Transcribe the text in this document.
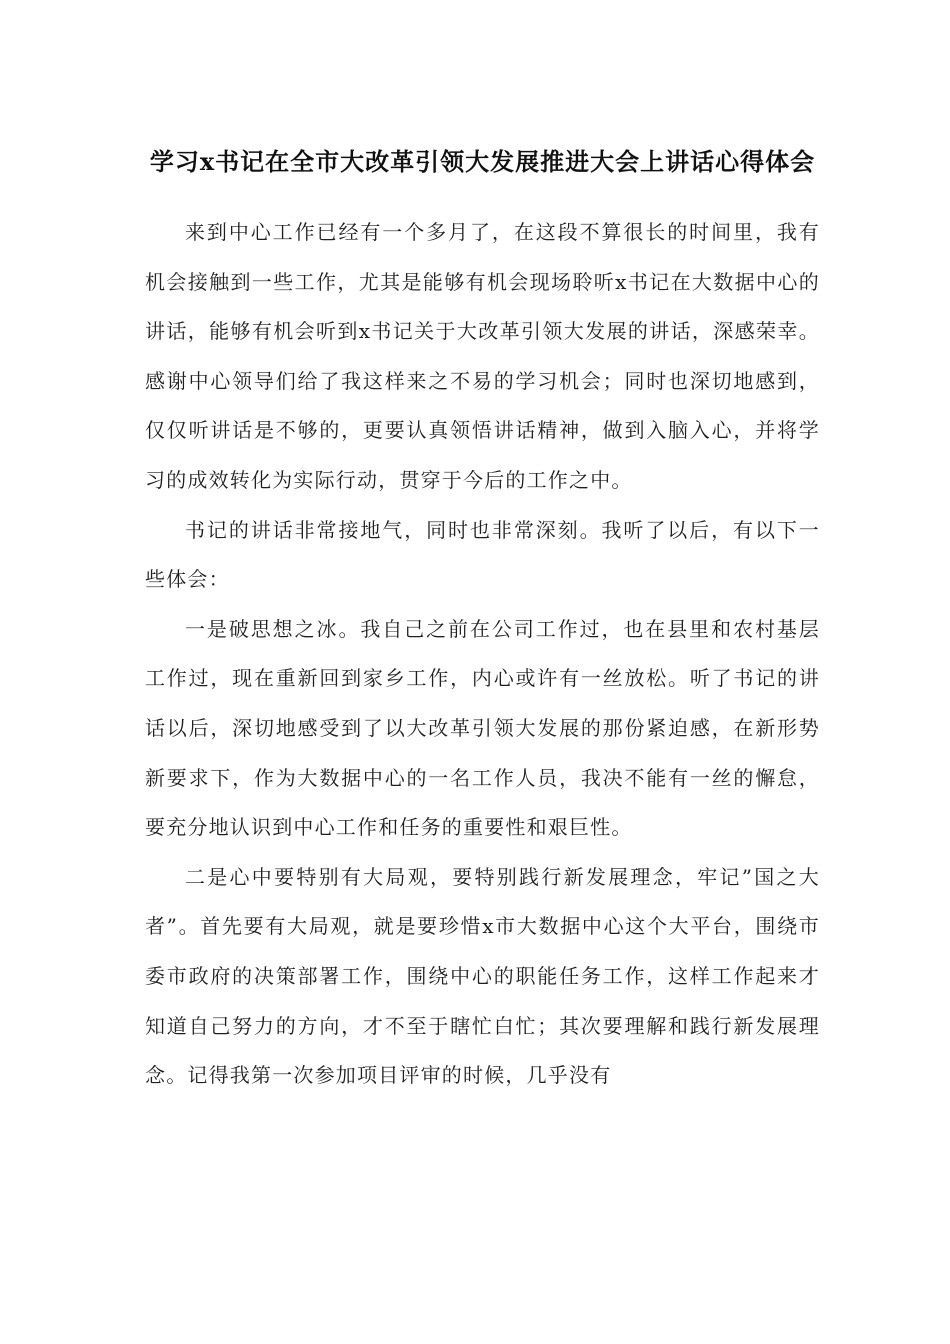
学习x书记在全市大改革引领大发展推进大会上讲话心得体会

来到中心工作已经有一个多月了，在这段不算很长的时间里，我有机会接触到一些工作，尤其是能够有机会现场聆听x书记在大数据中心的讲话，能够有机会听到x书记关于大改革引领大发展的讲话，深感荣幸。感谢中心领导们给了我这样来之不易的学习机会；同时也深切地感到，仅仅听讲话是不够的，更要认真领悟讲话精神，做到入脑入心，并将学习的成效转化为实际行动，贯穿于今后的工作之中。

书记的讲话非常接地气，同时也非常深刻。我听了以后，有以下一些体会：

一是破思想之冰。我自己之前在公司工作过，也在县里和农村基层工作过，现在重新回到家乡工作，内心或许有一丝放松。听了书记的讲话以后，深切地感受到了以大改革引领大发展的那份紧迫感，在新形势新要求下，作为大数据中心的一名工作人员，我决不能有一丝的懈怠，要充分地认识到中心工作和任务的重要性和艰巨性。

二是心中要特别有大局观，要特别践行新发展理念，牢记”国之大者”。首先要有大局观，就是要珍惜x市大数据中心这个大平台，围绕市委市政府的决策部署工作，围绕中心的职能任务工作，这样工作起来才知道自己努力的方向，才不至于瞎忙白忙；其次要理解和践行新发展理念。记得我第一次参加项目评审的时候，几乎没有
